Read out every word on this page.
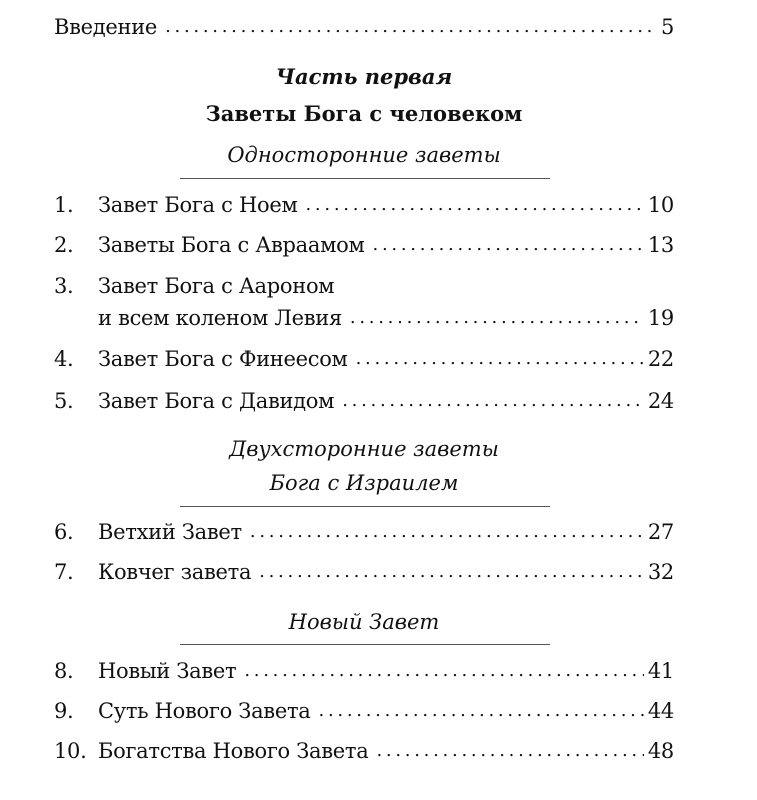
Введение . . .	5
Часть первая
Заветы Бога с человеком
Односторонние заветы
1.	Завет Бога с Ноем . . .	10
2.	Заветы Бога с Авраамом . . .	13
3.	Завет Бога с Аароном
и всем коленом Левия . . .	19
4.	Завет Бога с Финеесом . . .	22
5.	Завет Бога с Давидом . . .	24
Двухсторонние заветы
Бога с Израилем
6.	Ветхий Завет . . .	27
7.	Ковчег завета . . .	32
Новый Завет
8.	Новый Завет . . .	41
9.	Суть Нового Завета . . .	44
10. Богатства Нового Завета . . .	48
